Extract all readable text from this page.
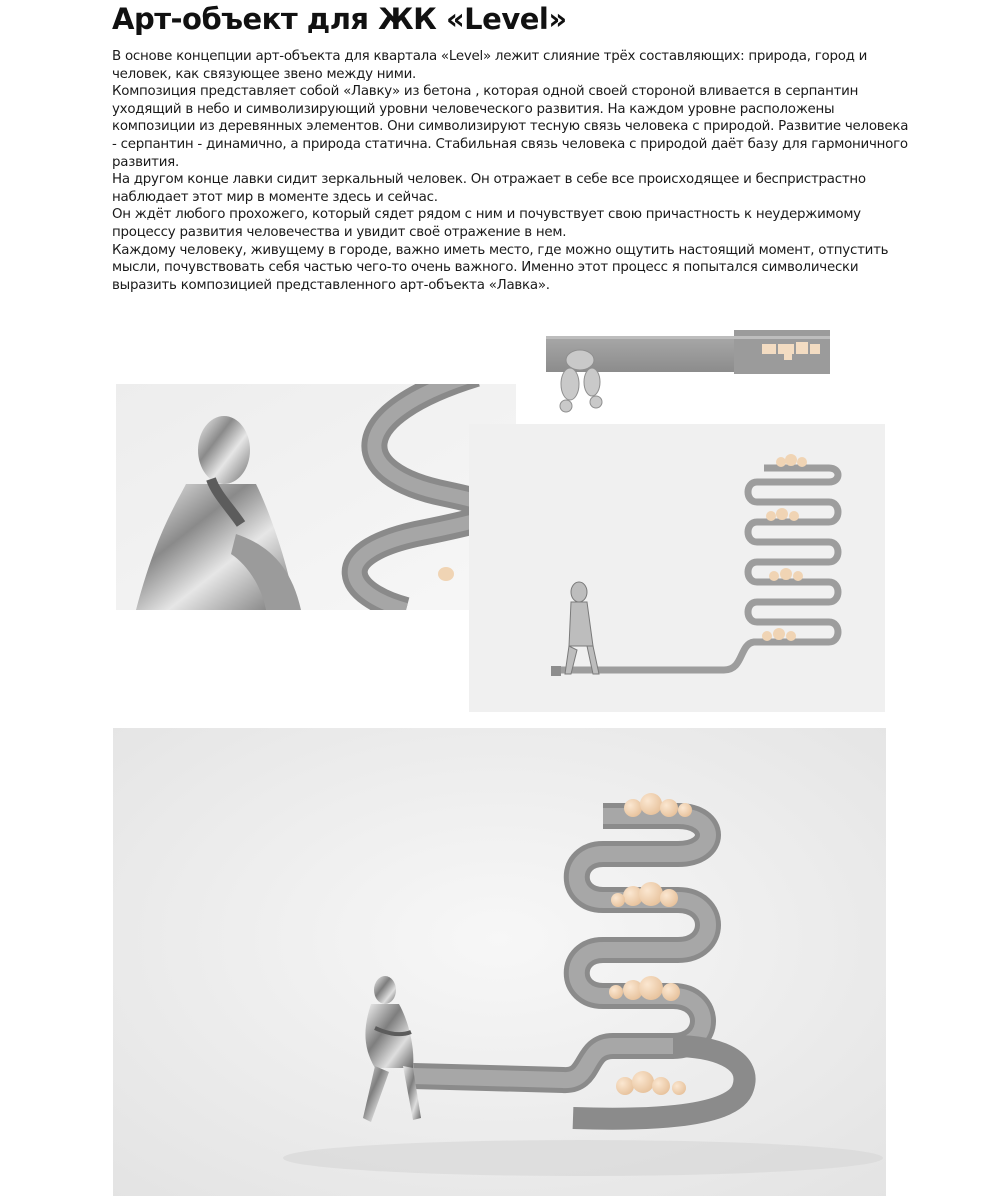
Арт-объект для ЖК «Level»

В основе концепции арт-объекта для квартала «Level» лежит слияние трёх составляющих: природа, город и человек, как связующее звено между ними.

Композиция представляет собой «Лавку» из бетона , которая одной своей стороной вливается в серпантин уходящий в небо и символизирующий уровни человеческого развития. На каждом уровне расположены композиции из деревянных элементов. Они символизируют тесную связь человека с природой. Развитие человека - серпантин - динамично, а природа статична. Стабильная связь человека с природой даёт базу для гармоничного развития.

На другом конце лавки сидит зеркальный человек. Он отражает в себе все происходящее и беспристрастно наблюдает этот мир в моменте здесь и сейчас.

Он ждёт любого прохожего, который сядет рядом с ним и почувствует свою причастность к неудержимому процессу развития человечества и увидит своё отражение в нем.

Каждому человеку, живущему в городе, важно иметь место, где можно ощутить настоящий момент, отпустить мысли, почувствовать себя частью чего-то очень важного. Именно этот процесс я попытался символически выразить композицией представленного арт-объекта «Лавка».
